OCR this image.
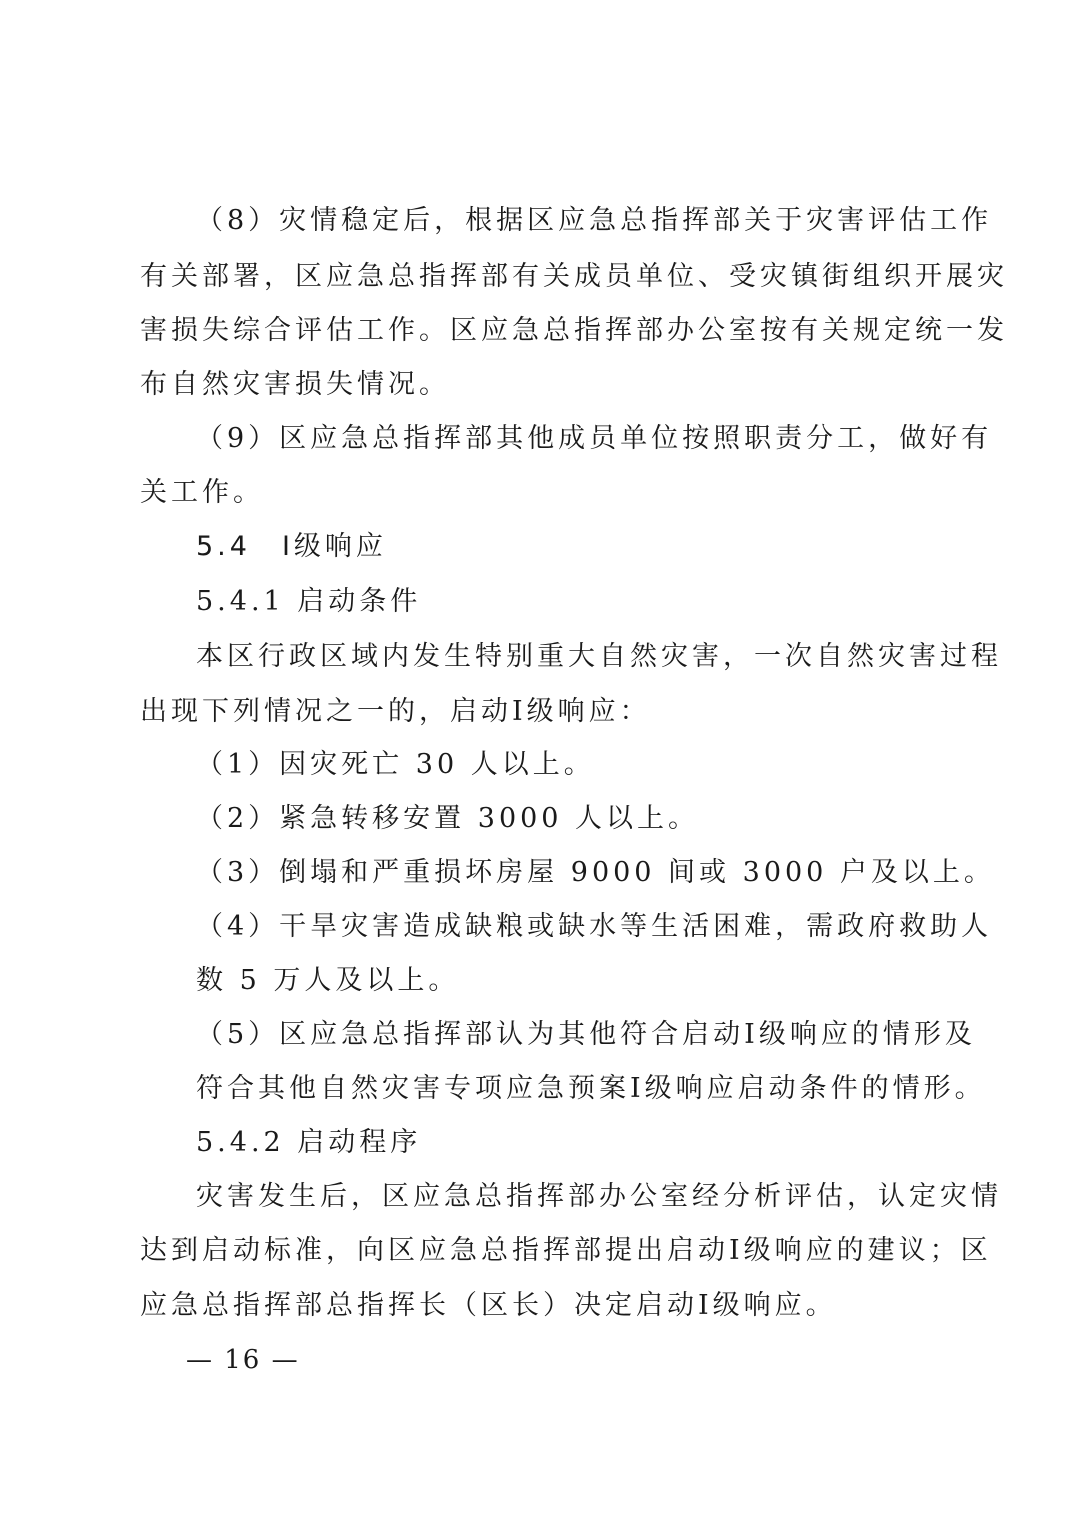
（8）灾情稳定后，根据区应急总指挥部关于灾害评估工作
有关部署，区应急总指挥部有关成员单位、受灾镇街组织开展灾
害损失综合评估工作。区应急总指挥部办公室按有关规定统一发
布自然灾害损失情况。
（9）区应急总指挥部其他成员单位按照职责分工，做好有
关工作。
5.4　Ⅰ级响应
5.4.1 启动条件
本区行政区域内发生特别重大自然灾害，一次自然灾害过程
出现下列情况之一的，启动Ⅰ级响应：
（1）因灾死亡 30 人以上。
（2）紧急转移安置 3000 人以上。
（3）倒塌和严重损坏房屋 9000 间或 3000 户及以上。
（4）干旱灾害造成缺粮或缺水等生活困难，需政府救助人
数 5 万人及以上。
（5）区应急总指挥部认为其他符合启动Ⅰ级响应的情形及
符合其他自然灾害专项应急预案Ⅰ级响应启动条件的情形。
5.4.2 启动程序
灾害发生后，区应急总指挥部办公室经分析评估，认定灾情
达到启动标准，向区应急总指挥部提出启动Ⅰ级响应的建议；区
应急总指挥部总指挥长（区长）决定启动Ⅰ级响应。
— 16 —
